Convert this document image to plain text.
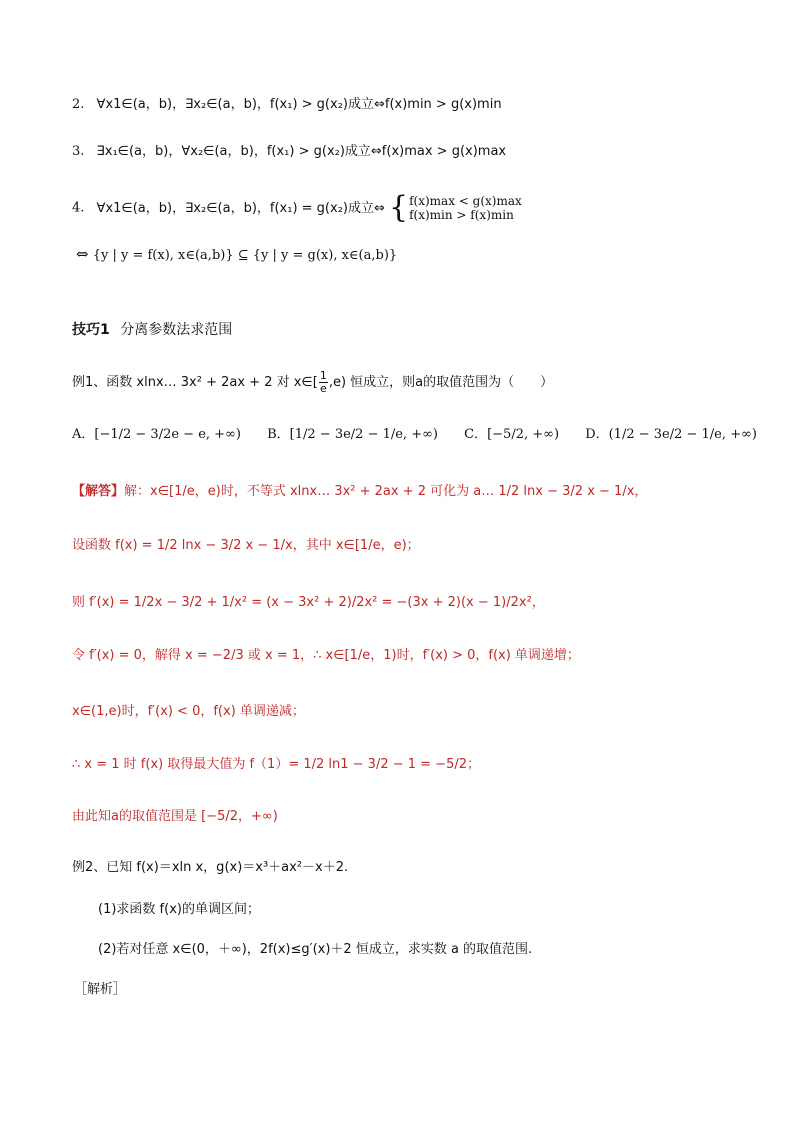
2. ∀x1∈(a，b)，∃x₂∈(a，b)，f(x₁) > g(x₂)成立⇔f(x)min > g(x)min
3. ∃x₁∈(a，b)，∀x₂∈(a，b)，f(x₁) > g(x₂)成立⇔f(x)max > g(x)max
4. ∀x1∈(a，b)，∃x₂∈(a，b)，f(x₁) = g(x₂)成立⇔ { f(x)max < g(x)max
f(x)min > f(x)min
⇔ {y | y = f(x), x∈(a,b)} ⊆ {y | y = g(x), x∈(a,b)}
技巧1 分离参数法求范围
例1、函数 xlnx… 3x² + 2ax + 2 对 x∈[ $\frac{1}{e} ,e$) 恒成立，则a的取值范围为（　　）
A．[−1/2 − 3/2e − e, +∞) B．[1/2 − 3e/2 − 1/e, +∞) C．[−5/2, +∞) D．(1/2 − 3e/2 − 1/e, +∞)
【解答】解：x∈[1/e，e)时，不等式 xlnx… 3x² + 2ax + 2 可化为 a… 1/2 lnx − 3/2 x − 1/x，
设函数 f(x) = 1/2 lnx − 3/2 x − 1/x，其中 x∈[1/e，e)；
则 f′(x) = 1/2x − 3/2 + 1/x² = (x − 3x² + 2)/2x² = −(3x + 2)(x − 1)/2x²，
令 f′(x) = 0，解得 x = −2/3 或 x = 1，∴ x∈[1/e，1)时，f′(x) > 0，f(x) 单调递增；
x∈(1,e)时，f′(x) < 0，f(x) 单调递减；
∴ x = 1 时 f(x) 取得最大值为 f（1）= 1/2 ln1 − 3/2 − 1 = −5/2；
由此知a的取值范围是 [−5/2，+∞)
例2、已知 f(x)＝xln x，g(x)＝x³＋ax²－x＋2.
(1)求函数 f(x)的单调区间；
(2)若对任意 x∈(0，＋∞)，2f(x)≤g′(x)＋2 恒成立，求实数 a 的取值范围.
［解析］
